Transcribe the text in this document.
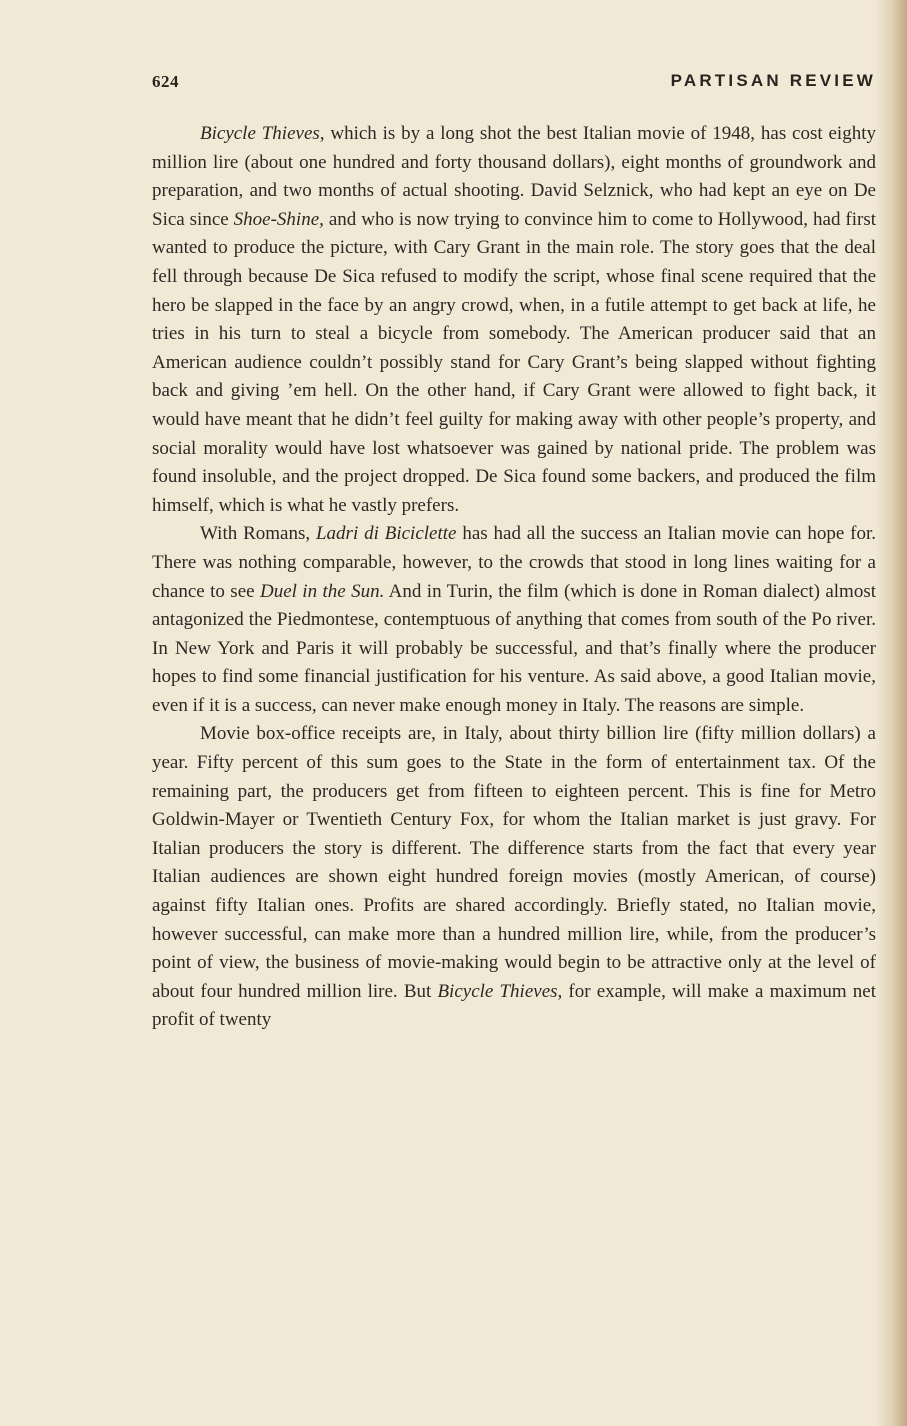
624	PARTISAN REVIEW

Bicycle Thieves, which is by a long shot the best Italian movie of 1948, has cost eighty million lire (about one hundred and forty thousand dollars), eight months of groundwork and preparation, and two months of actual shooting. David Selznick, who had kept an eye on De Sica since Shoe-Shine, and who is now trying to convince him to come to Hollywood, had first wanted to produce the picture, with Cary Grant in the main role. The story goes that the deal fell through because De Sica refused to modify the script, whose final scene required that the hero be slapped in the face by an angry crowd, when, in a futile attempt to get back at life, he tries in his turn to steal a bicycle from somebody. The American producer said that an American audience couldn’t possibly stand for Cary Grant’s being slapped without fighting back and giving ’em hell. On the other hand, if Cary Grant were allowed to fight back, it would have meant that he didn’t feel guilty for making away with other people’s property, and social morality would have lost whatsoever was gained by national pride. The problem was found insoluble, and the project dropped. De Sica found some backers, and produced the film himself, which is what he vastly prefers.

With Romans, Ladri di Biciclette has had all the success an Italian movie can hope for. There was nothing comparable, however, to the crowds that stood in long lines waiting for a chance to see Duel in the Sun. And in Turin, the film (which is done in Roman dialect) almost antagonized the Piedmontese, contemptuous of anything that comes from south of the Po river. In New York and Paris it will probably be successful, and that’s finally where the producer hopes to find some financial justification for his venture. As said above, a good Italian movie, even if it is a success, can never make enough money in Italy. The reasons are simple.

Movie box-office receipts are, in Italy, about thirty billion lire (fifty million dollars) a year. Fifty percent of this sum goes to the State in the form of entertainment tax. Of the remaining part, the producers get from fifteen to eighteen percent. This is fine for Metro Goldwin-Mayer or Twentieth Century Fox, for whom the Italian market is just gravy. For Italian producers the story is different. The difference starts from the fact that every year Italian audiences are shown eight hundred foreign movies (mostly American, of course) against fifty Italian ones. Profits are shared accordingly. Briefly stated, no Italian movie, however successful, can make more than a hundred million lire, while, from the producer’s point of view, the business of movie-making would begin to be attractive only at the level of about four hundred million lire. But Bicycle Thieves, for example, will make a maximum net profit of twenty
